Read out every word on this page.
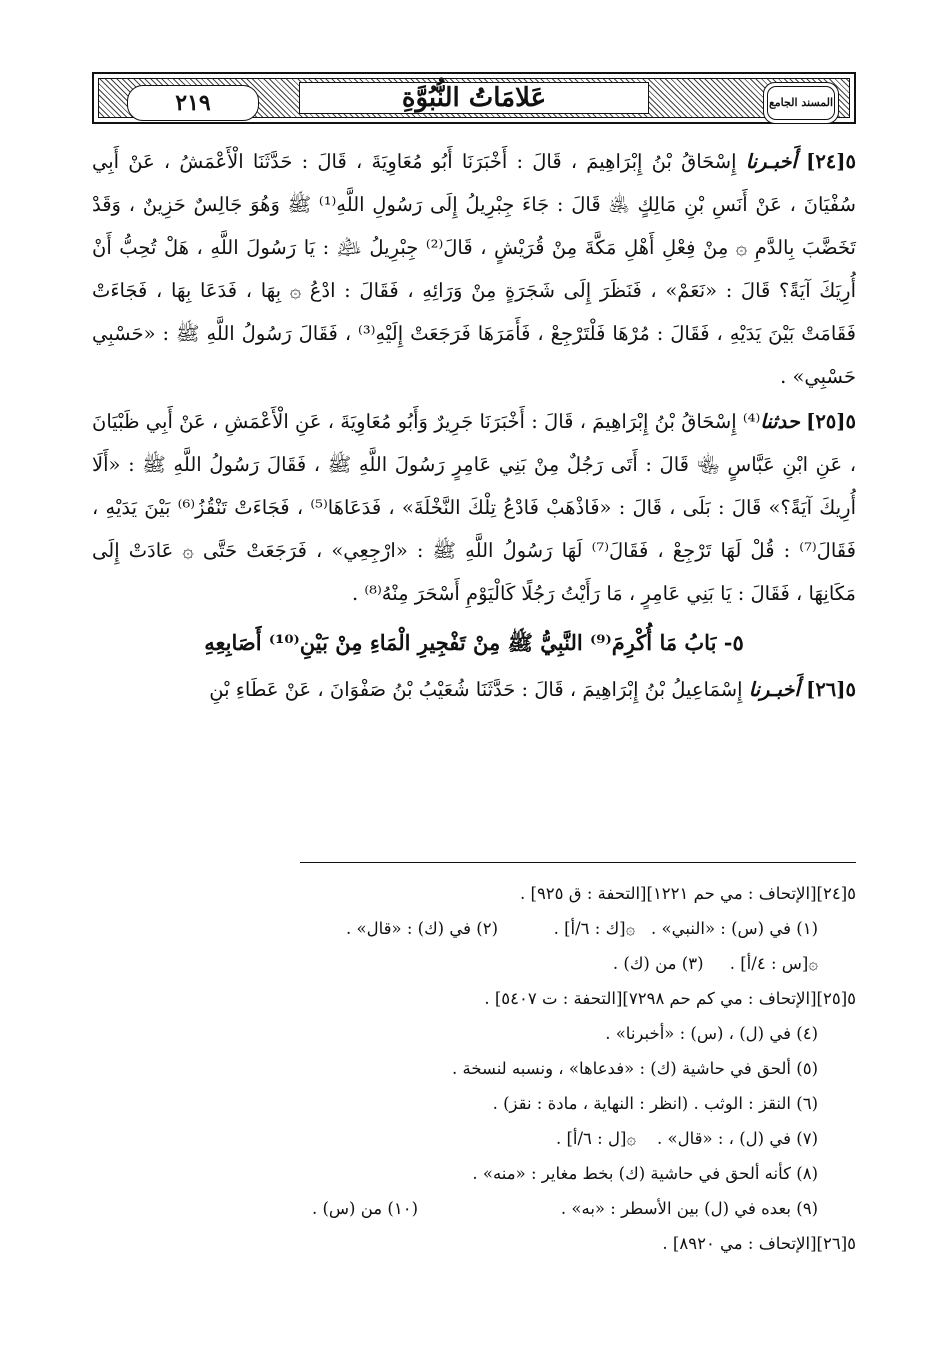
المسند الجامع
عَلامَاتُ النُّبُوَّةِ
٢١٩

٥[٢٤] أَخبـرنا إِسْحَاقُ بْنُ إِبْرَاهِيمَ ، قَالَ : أَخْبَرَنَا أَبُو مُعَاوِيَةَ ، قَالَ : حَدَّثَنَا الْأَعْمَشُ ، عَنْ أَبِي سُفْيَانَ ، عَنْ أَنَسِ بْنِ مَالِكٍ ﵁ قَالَ : جَاءَ جِبْرِيلُ إِلَى رَسُولِ اللَّهِ⁽¹⁾ ﷺ وَهُوَ جَالِسٌ حَزِينٌ ، وَقَدْ تَخَضَّبَ بِالدَّمِ ۞ مِنْ فِعْلِ أَهْلِ مَكَّةَ مِنْ قُرَيْشٍ ، قَالَ⁽²⁾ جِبْرِيلُ ﵇ : يَا رَسُولَ اللَّهِ ، هَلْ تُحِبُّ أَنْ أُرِيَكَ آيَةً؟ قَالَ : «نَعَمْ» ، فَنَظَرَ إِلَى شَجَرَةٍ مِنْ وَرَائِهِ ، فَقَالَ : ادْعُ ۞ بِهَا ، فَدَعَا بِهَا ، فَجَاءَتْ فَقَامَتْ بَيْنَ يَدَيْهِ ، فَقَالَ : مُرْهَا فَلْتَرْجِعْ ، فَأَمَرَهَا فَرَجَعَتْ إِلَيْهِ⁽³⁾ ، فَقَالَ رَسُولُ اللَّهِ ﷺ : «حَسْبِي حَسْبِي» .

٥[٢٥] حدثنا⁽⁴⁾ إِسْحَاقُ بْنُ إِبْرَاهِيمَ ، قَالَ : أَخْبَرَنَا جَرِيرٌ وَأَبُو مُعَاوِيَةَ ، عَنِ الْأَعْمَشِ ، عَنْ أَبِي ظَبْيَانَ ، عَنِ ابْنِ عَبَّاسٍ ﵄ قَالَ : أَتَى رَجُلٌ مِنْ بَنِي عَامِرٍ رَسُولَ اللَّهِ ﷺ ، فَقَالَ رَسُولُ اللَّهِ ﷺ : «أَلَا أُرِيكَ آيَةً؟» قَالَ : بَلَى ، قَالَ : «فَاذْهَبْ فَادْعُ تِلْكَ النَّخْلَةَ» ، فَدَعَاهَا⁽⁵⁾ ، فَجَاءَتْ تَنْقُزُ⁽⁶⁾ بَيْنَ يَدَيْهِ ، فَقَالَ⁽⁷⁾ : قُلْ لَهَا تَرْجِعْ ، فَقَالَ⁽⁷⁾ لَهَا رَسُولُ اللَّهِ ﷺ : «ارْجِعِي» ، فَرَجَعَتْ حَتَّى ۞ عَادَتْ إِلَى مَكَانِهَا ، فَقَالَ : يَا بَنِي عَامِرٍ ، مَا رَأَيْتُ رَجُلًا كَالْيَوْمِ أَسْحَرَ مِنْهُ⁽⁸⁾ .

٥- بَابُ مَا أُكْرِمَ⁽⁹⁾ النَّبِيُّ ﷺ مِنْ تَفْجِيرِ الْمَاءِ مِنْ بَيْنِ⁽¹⁰⁾ أَصَابِعِهِ

٥[٢٦] أَخبـرنا إِسْمَاعِيلُ بْنُ إِبْرَاهِيمَ ، قَالَ : حَدَّثَنَا شُعَيْبُ بْنُ صَفْوَانَ ، عَنْ عَطَاءِ بْنِ

٥[٢٤][الإتحاف : مي حم ١٢٢١][التحفة : ق ٩٢٥] .
(١) في (س) : «النبي» .   ۞[ك : ٦/أ] .
(٢) في (ك) : «قال» .
۞[س : ٤/أ] .     (٣) من (ك) .
٥[٢٥][الإتحاف : مي كم حم ٧٢٩٨][التحفة : ت ٥٤٠٧] .
(٤) في (ل) ، (س) : «أخبرنا» .
(٥) ألحق في حاشية (ك) : «فدعاها» ، ونسبه لنسخة .
(٦) النقز : الوثب . (انظر : النهاية ، مادة : نقز) .
(٧) في (ل) ، : «قال» .    ۞[ل : ٦/أ] .
(٨) كأنه ألحق في حاشية (ك) بخط مغاير : «منه» .
(٩) بعده في (ل) بين الأسطر : «به» .
(١٠) من (س) .
٥[٢٦][الإتحاف : مي ٨٩٢٠] .
